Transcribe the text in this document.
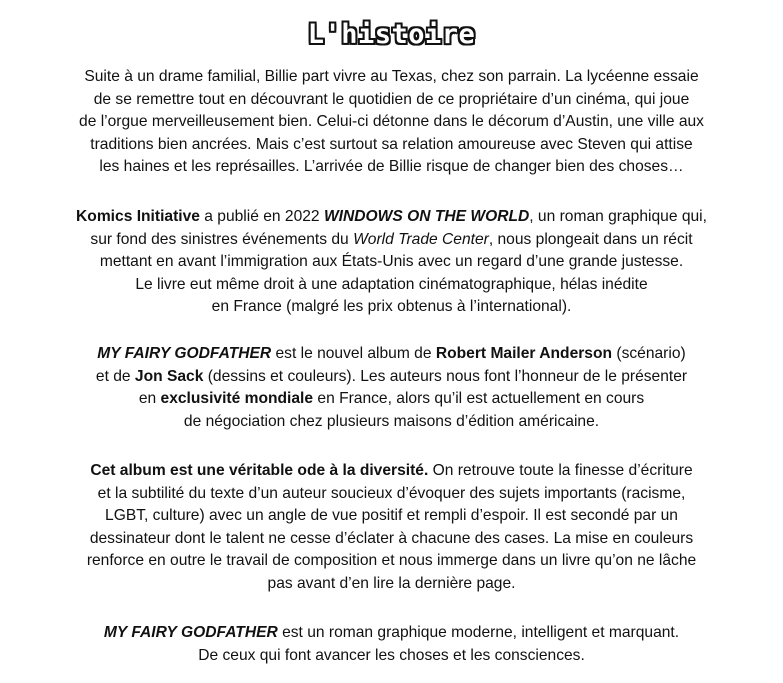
L'histoire
Suite à un drame familial, Billie part vivre au Texas, chez son parrain. La lycéenne essaie
de se remettre tout en découvrant le quotidien de ce propriétaire d’un cinéma, qui joue
de l’orgue merveilleusement bien. Celui-ci détonne dans le décorum d’Austin, une ville aux
traditions bien ancrées. Mais c’est surtout sa relation amoureuse avec Steven qui attise
les haines et les représailles. L’arrivée de Billie risque de changer bien des choses…
Komics Initiative a publié en 2022 WINDOWS ON THE WORLD, un roman graphique qui,
sur fond des sinistres événements du World Trade Center, nous plongeait dans un récit
mettant en avant l’immigration aux États-Unis avec un regard d’une grande justesse.
Le livre eut même droit à une adaptation cinématographique, hélas inédite
en France (malgré les prix obtenus à l’international).
MY FAIRY GODFATHER est le nouvel album de Robert Mailer Anderson (scénario)
et de Jon Sack (dessins et couleurs). Les auteurs nous font l’honneur de le présenter
en exclusivité mondiale en France, alors qu’il est actuellement en cours
de négociation chez plusieurs maisons d’édition américaine.
Cet album est une véritable ode à la diversité. On retrouve toute la finesse d’écriture
et la subtilité du texte d’un auteur soucieux d’évoquer des sujets importants (racisme,
LGBT, culture) avec un angle de vue positif et rempli d’espoir. Il est secondé par un
dessinateur dont le talent ne cesse d’éclater à chacune des cases. La mise en couleurs
renforce en outre le travail de composition et nous immerge dans un livre qu’on ne lâche
pas avant d’en lire la dernière page.
MY FAIRY GODFATHER est un roman graphique moderne, intelligent et marquant.
De ceux qui font avancer les choses et les consciences.
